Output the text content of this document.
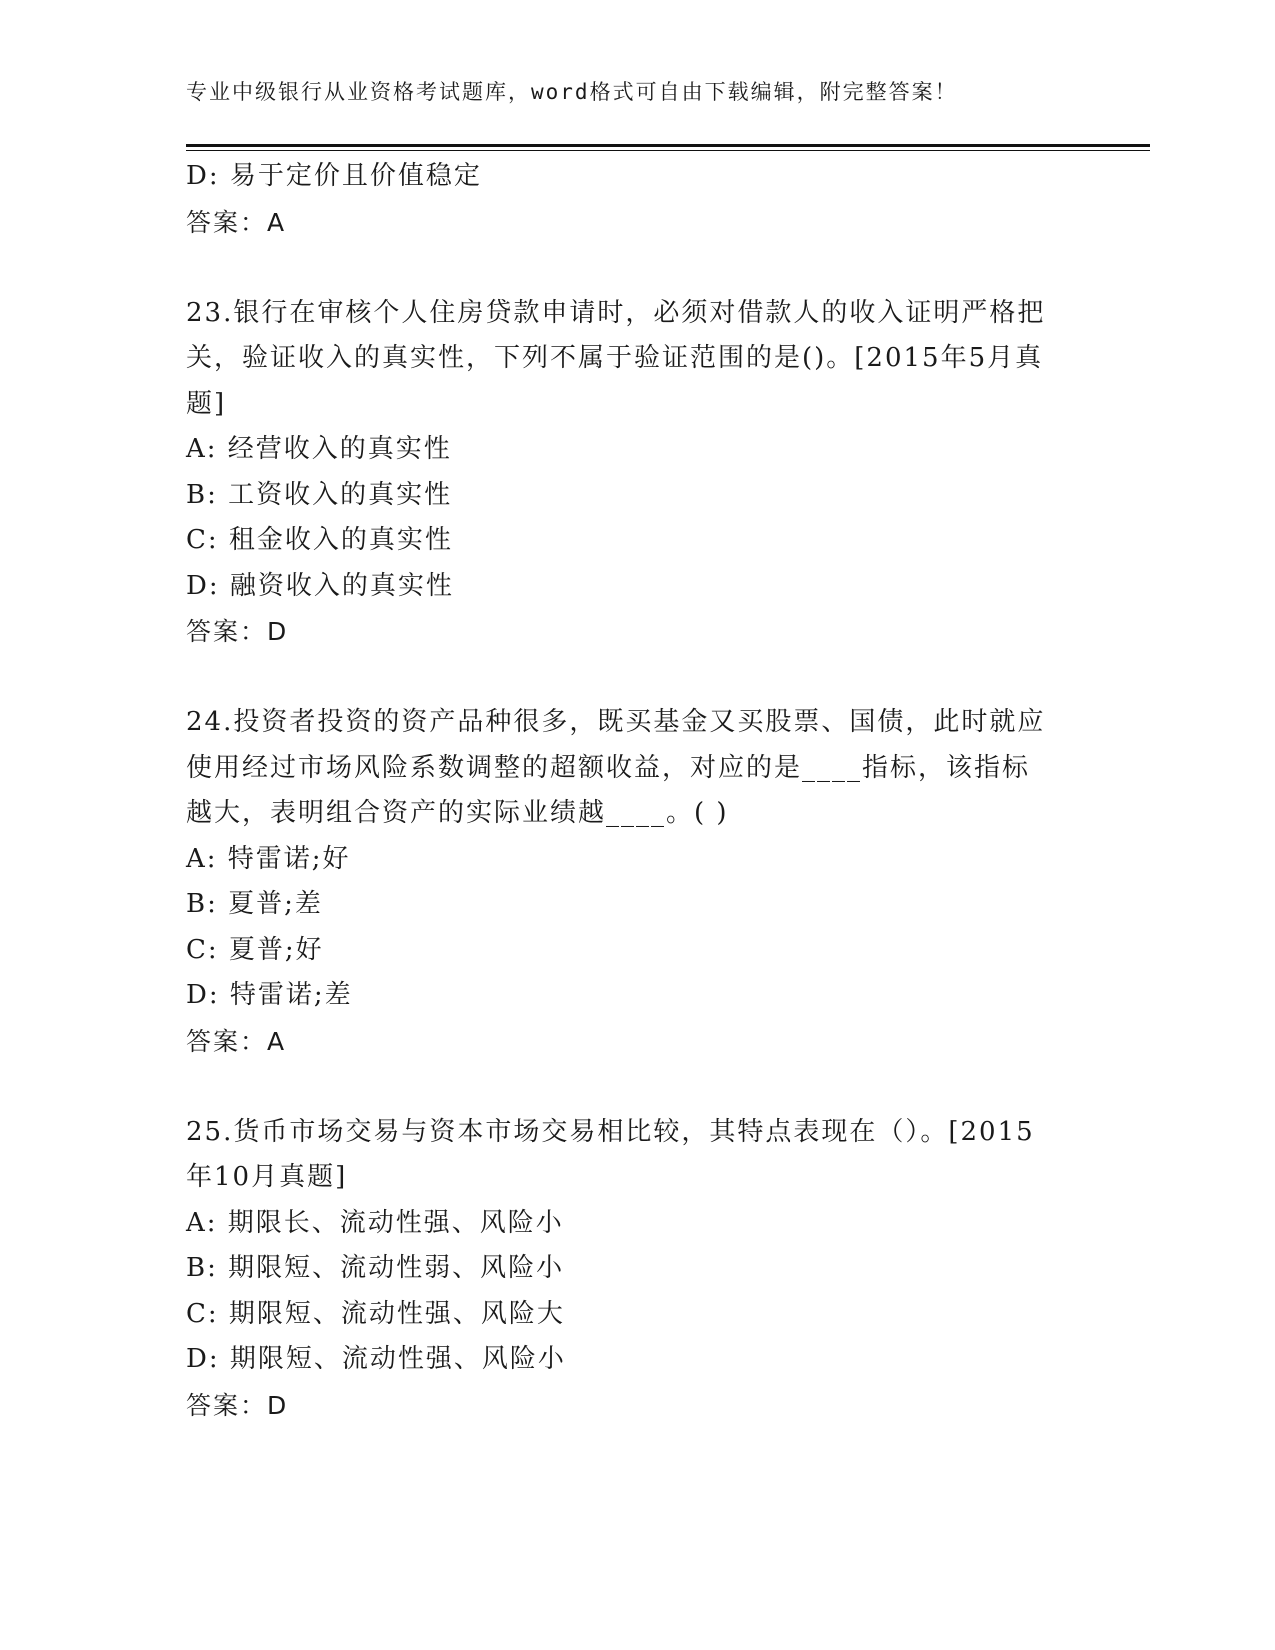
专业中级银行从业资格考试题库，word格式可自由下载编辑，附完整答案！

D: 易于定价且价值稳定

答案：A

23.银行在审核个人住房贷款申请时，必须对借款人的收入证明严格把

关，验证收入的真实性，下列不属于验证范围的是()。[2015年5月真

题]

A: 经营收入的真实性

B: 工资收入的真实性

C: 租金收入的真实性

D: 融资收入的真实性

答案：D

24.投资者投资的资产品种很多，既买基金又买股票、国债，此时就应

使用经过市场风险系数调整的超额收益，对应的是____指标，该指标

越大，表明组合资产的实际业绩越____。( )

A: 特雷诺;好

B: 夏普;差

C: 夏普;好

D: 特雷诺;差

答案：A

25.货币市场交易与资本市场交易相比较，其特点表现在（）。[2015

年10月真题]

A: 期限长、流动性强、风险小

B: 期限短、流动性弱、风险小

C: 期限短、流动性强、风险大

D: 期限短、流动性强、风险小

答案：D
